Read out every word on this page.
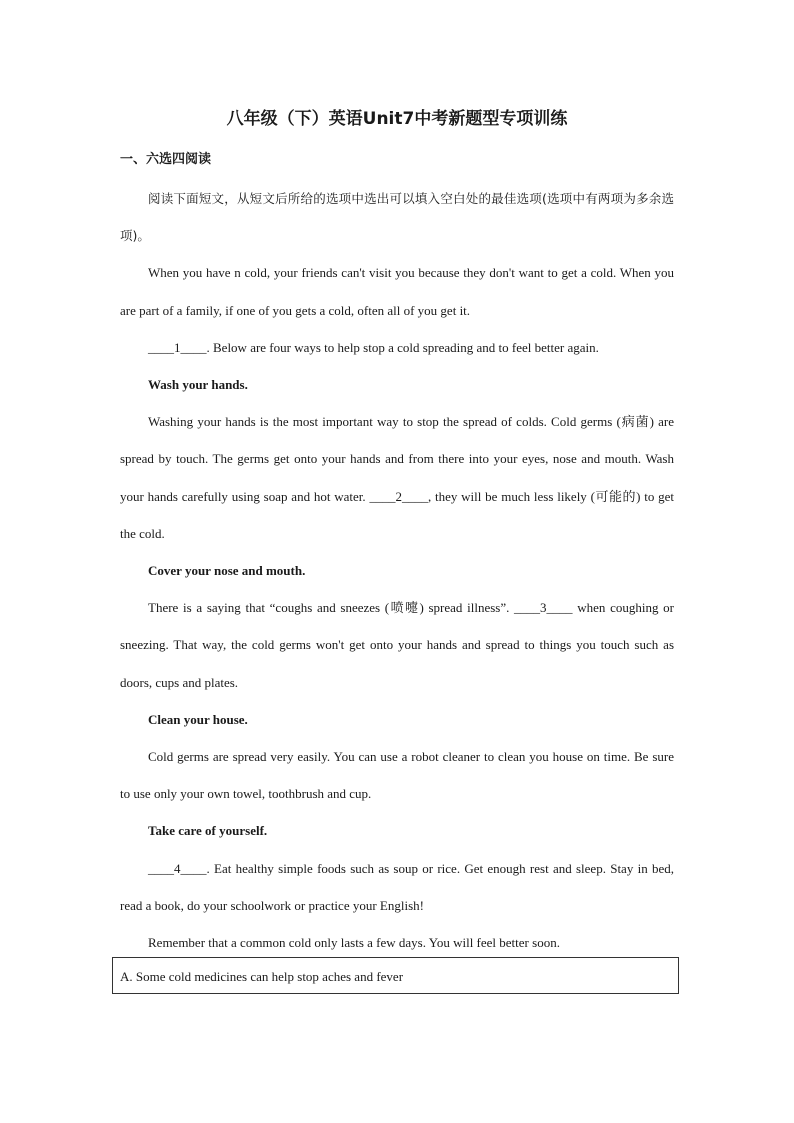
八年级（下）英语Unit7中考新题型专项训练
一、六选四阅读

阅读下面短文，从短文后所给的选项中选出可以填入空白处的最佳选项(选项中有两项为多余选项)。

When you have n cold, your friends can't visit you because they don't want to get a cold. When you are part of a family, if one of you gets a cold, often all of you get it.

____1____. Below are four ways to help stop a cold spreading and to feel better again.

Wash your hands.

Washing your hands is the most important way to stop the spread of colds. Cold germs (病菌) are spread by touch. The germs get onto your hands and from there into your eyes, nose and mouth. Wash your hands carefully using soap and hot water. ____2____, they will be much less likely (可能的) to get the cold.

Cover your nose and mouth.

There is a saying that “coughs and sneezes (喷嚏) spread illness”. ____3____ when coughing or sneezing. That way, the cold germs won't get onto your hands and spread to things you touch such as doors, cups and plates.

Clean your house.

Cold germs are spread very easily. You can use a robot cleaner to clean you house on time. Be sure to use only your own towel, toothbrush and cup.

Take care of yourself.

____4____. Eat healthy simple foods such as soup or rice. Get enough rest and sleep. Stay in bed, read a book, do your schoolwork or practice your English!

Remember that a common cold only lasts a few days. You will feel better soon.

A. Some cold medicines can help stop aches and fever
